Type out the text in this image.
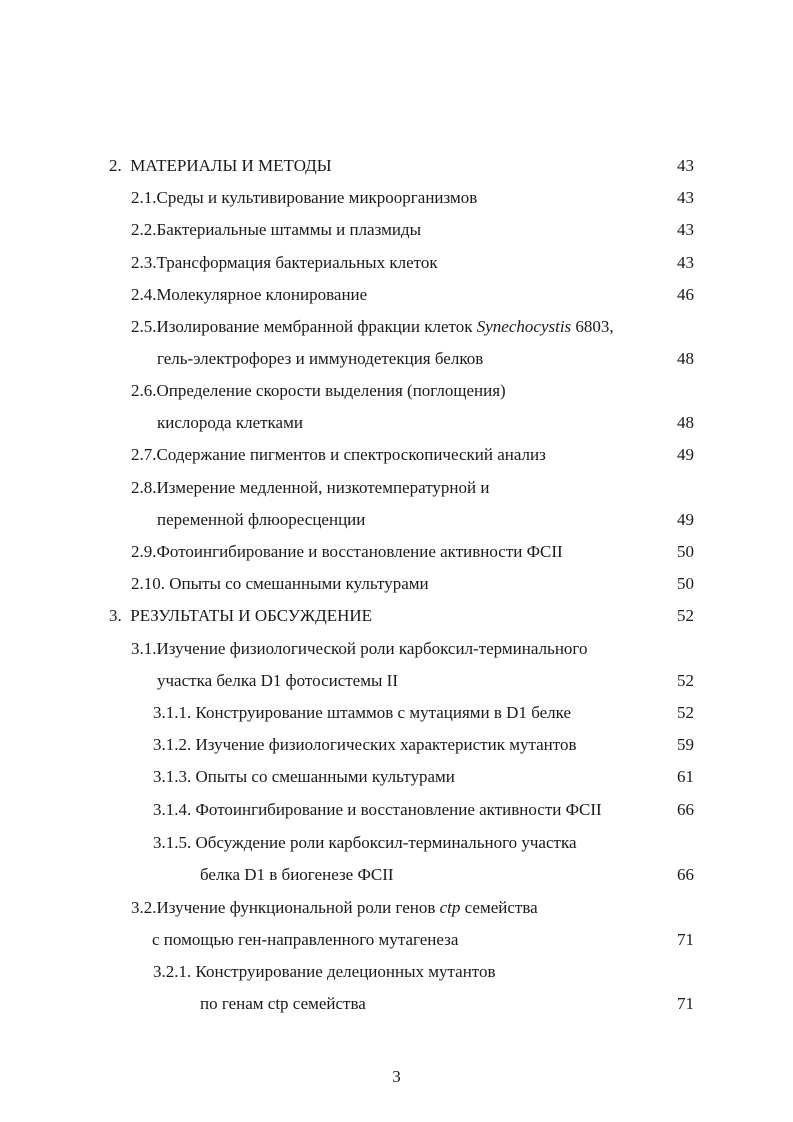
2. МАТЕРИАЛЫ И МЕТОДЫ	43
2.1.Среды и культивирование микроорганизмов	43
2.2.Бактериальные штаммы и плазмиды	43
2.3.Трансформация бактериальных клеток	43
2.4.Молекулярное клонирование	46
2.5.Изолирование мембранной фракции клеток Synechocystis 6803,
гель-электрофорез и иммунодетекция белков	48
2.6.Определение скорости выделения (поглощения)
кислорода клетками	48
2.7.Содержание пигментов и спектроскопический анализ	49
2.8.Измерение медленной, низкотемпературной и
переменной флюоресценции	49
2.9.Фотоингибирование и восстановление активности ФСII	50
2.10. Опыты со смешанными культурами	50
3. РЕЗУЛЬТАТЫ И ОБСУЖДЕНИЕ	52
3.1.Изучение физиологической роли карбоксил-терминального
участка белка D1 фотосистемы II	52
3.1.1. Конструирование штаммов с мутациями в D1 белке	52
3.1.2. Изучение физиологических характеристик мутантов	59
3.1.3. Опыты со смешанными культурами	61
3.1.4. Фотоингибирование и восстановление активности ФСII	66
3.1.5. Обсуждение роли карбоксил-терминального участка
белка D1 в биогенезе ФСII	66
3.2.Изучение функциональной роли генов ctp семейства
с помощью ген-направленного мутагенеза	71
3.2.1. Конструирование делеционных мутантов
по генам ctp семейства	71
3
